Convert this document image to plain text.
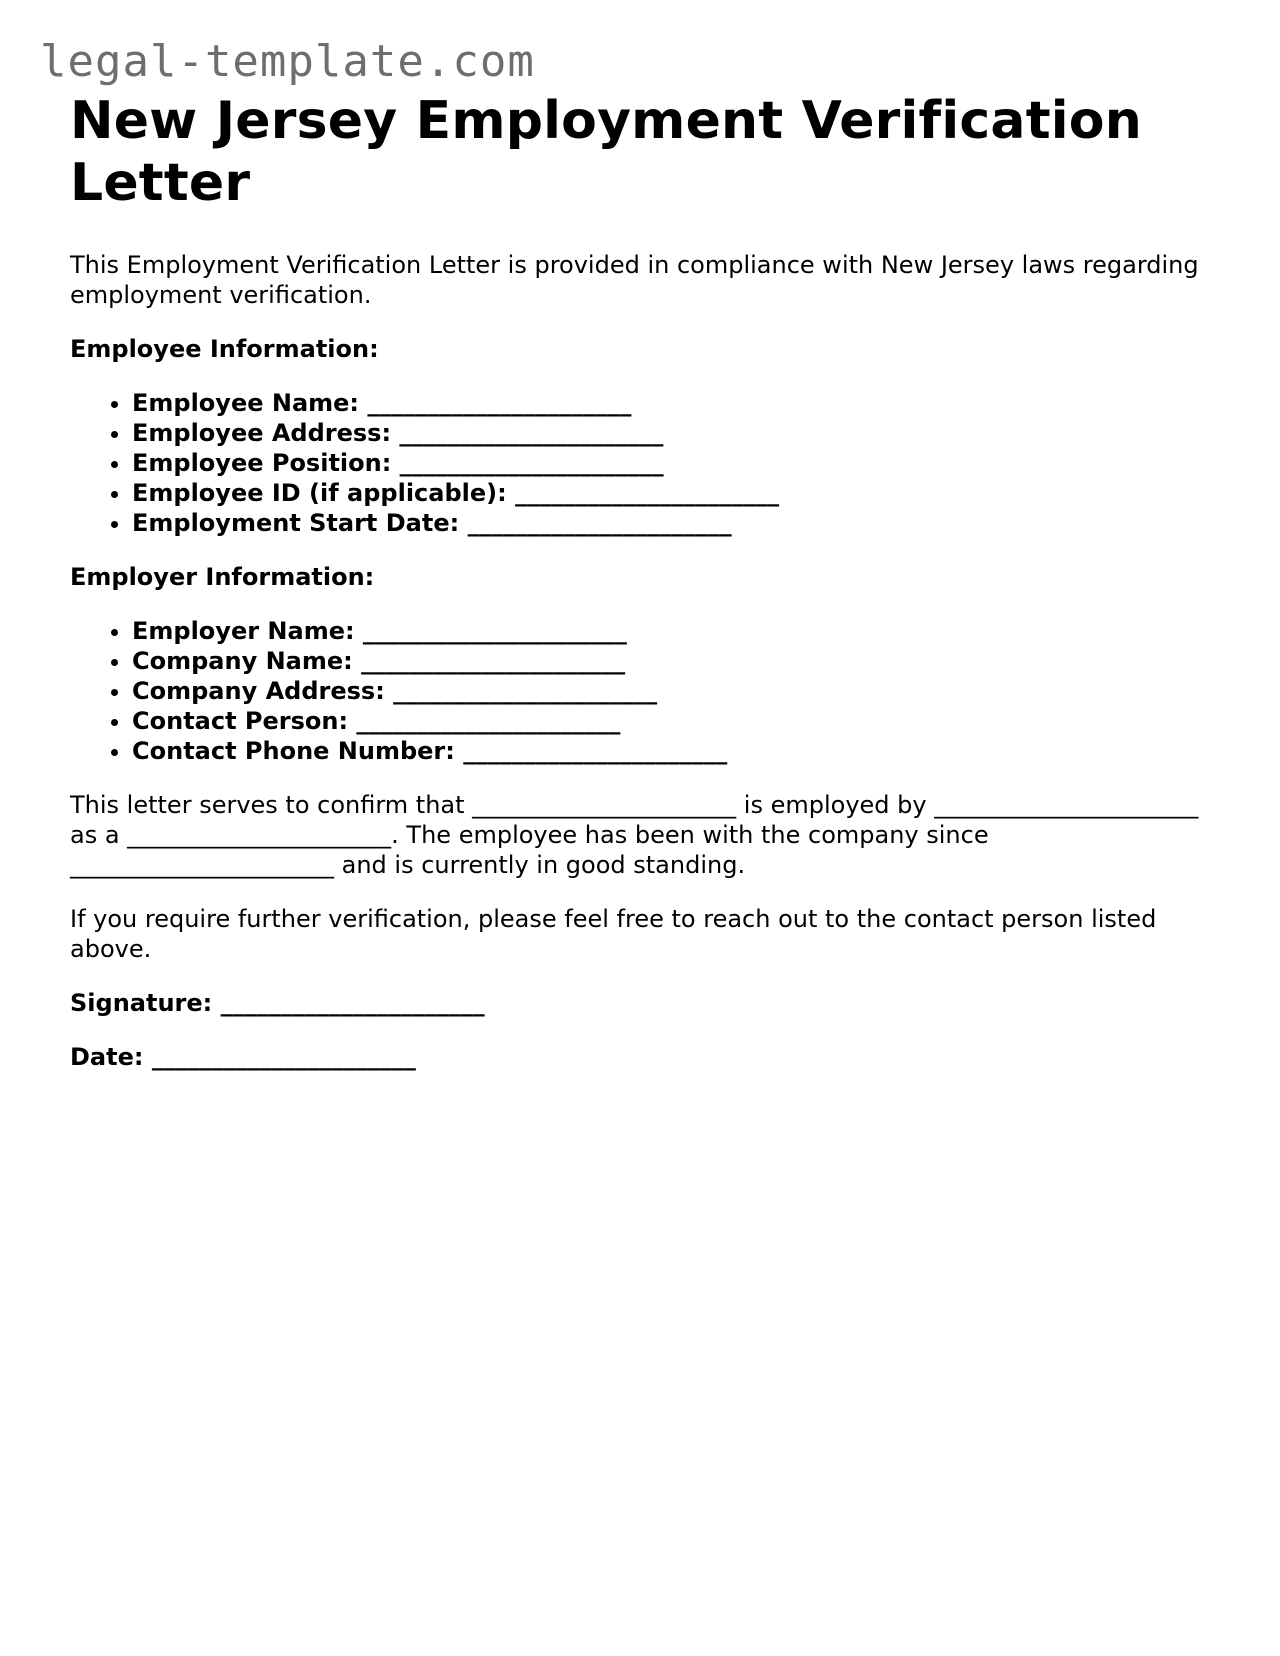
legal-template.com
New Jersey Employment Verification Letter

This Employment Verification Letter is provided in compliance with New Jersey laws regarding employment verification.

Employee Information:

• Employee Name: ______________________
• Employee Address: ______________________
• Employee Position: ______________________
• Employee ID (if applicable): ______________________
• Employment Start Date: ______________________

Employer Information:

• Employer Name: ______________________
• Company Name: ______________________
• Company Address: ______________________
• Contact Person: ______________________
• Contact Phone Number: ______________________

This letter serves to confirm that ______________________ is employed by ______________________ as a ______________________. The employee has been with the company since ______________________ and is currently in good standing.

If you require further verification, please feel free to reach out to the contact person listed above.

Signature: ______________________

Date: ______________________
